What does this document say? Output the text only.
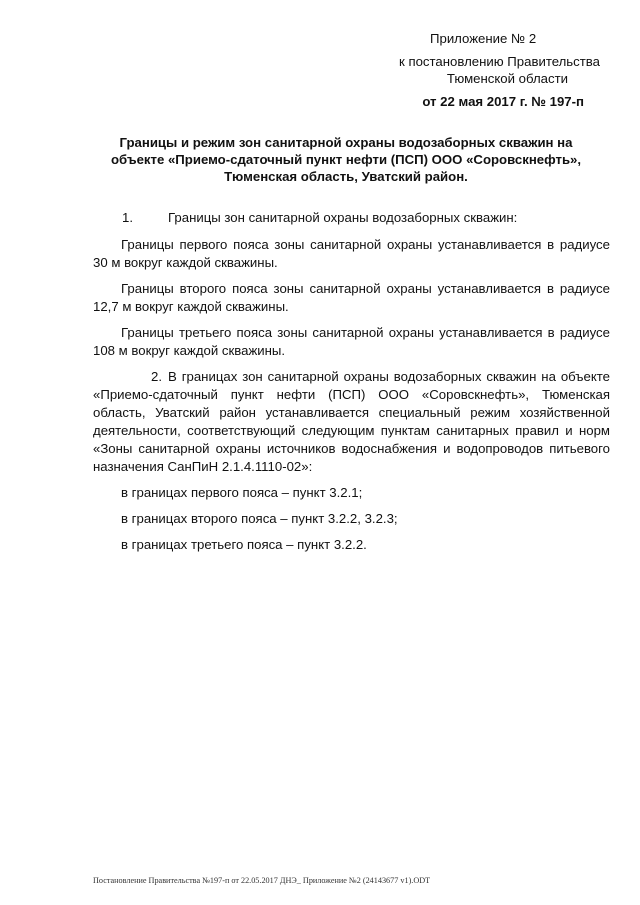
Приложение № 2
к постановлению Правительства
Тюменской области
от 22 мая 2017 г. № 197-п
Границы и режим зон санитарной охраны водозаборных скважин на
объекте «Приемо-сдаточный пункт нефти (ПСП) ООО «Соровскнефть»,
Тюменская область, Уватский район.
1.	Границы зон санитарной охраны водозаборных скважин:

Границы первого пояса зоны санитарной охраны устанавливается в радиусе 30 м вокруг каждой скважины.

Границы второго пояса зоны санитарной охраны устанавливается в радиусе 12,7 м вокруг каждой скважины.

Границы третьего пояса зоны санитарной охраны устанавливается в радиусе 108 м вокруг каждой скважины.

2. В границах зон санитарной охраны водозаборных скважин на объекте «Приемо-сдаточный пункт нефти (ПСП) ООО «Соровскнефть», Тюменская область, Уватский район устанавливается специальный режим хозяйственной деятельности, соответствующий следующим пунктам санитарных правил и норм «Зоны санитарной охраны источников водоснабжения и водопроводов питьевого назначения СанПиН 2.1.4.1110-02»:

в границах первого пояса – пункт 3.2.1;

в границах второго пояса – пункт 3.2.2, 3.2.3;

в границах третьего пояса – пункт 3.2.2.

Постановление Правительства №197-п от 22.05.2017 ДНЭ_ Приложение №2 (24143677 v1).ODT
